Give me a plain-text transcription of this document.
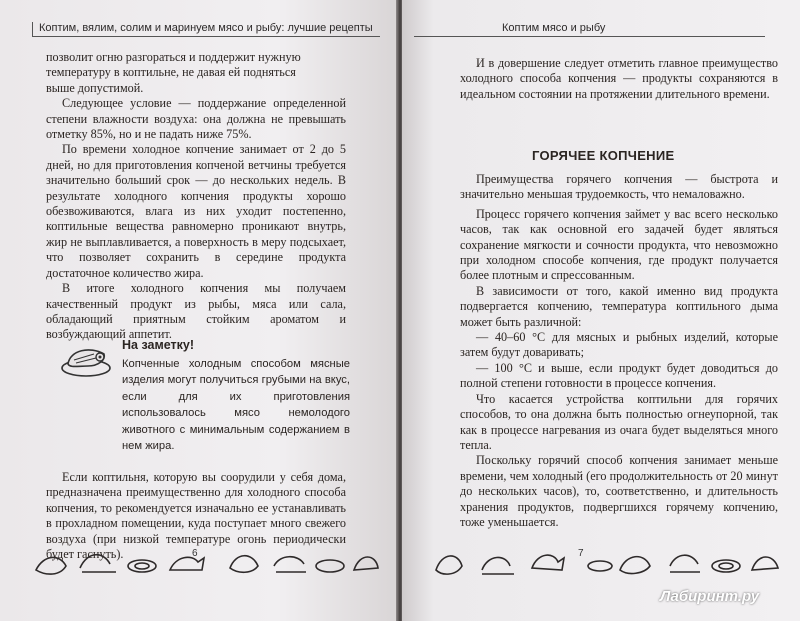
Коптим, вялим, солим и маринуем мясо и рыбу: лучшие рецепты

позволит огню разгораться и поддержит нужную

температуру в коптильне, не давая ей подняться

выше допустимой.

Следующее условие — поддержание определенной степени влажности воздуха: она должна не превышать отметку 85%, но и не падать ниже 75%.

По времени холодное копчение занимает от 2 до 5 дней, но для приготовления копченой ветчины требуется значительно больший срок — до нескольких недель. В результате холодного копчения продукты хорошо обезвоживаются, влага из них уходит постепенно, коптильные вещества равномерно проникают внутрь, жир не выплавливается, а поверхность в меру подсыхает, что позволяет сохранить в середине продукта достаточное количество жира.

В итоге холодного копчения мы получаем качественный продукт из рыбы, мяса или сала, обладающий приятным стойким ароматом и возбуждающий аппетит.

На заметку!
Копченные холодным способом мясные изделия могут получиться грубыми на вкус, если для их приготовления использовалось мясо немолодого животного с минимальным содержанием в нем жира.

Если коптильня, которую вы соорудили у себя дома, предназначена преимущественно для холодного способа копчения, то рекомендуется изначально ее устанавливать в прохладном помещении, куда поступает много свежего воздуха (при низкой температуре огонь периодически будет гаснуть).	6
Коптим мясо и рыбу

И в довершение следует отметить главное преимущество холодного способа копчения — продукты сохраняются в идеальном состоянии на протяжении длительного времени.

ГОРЯЧЕЕ КОПЧЕНИЕ

Преимущества горячего копчения — быстрота и значительно меньшая трудоемкость, что немаловажно.

Процесс горячего копчения займет у вас всего несколько часов, так как основной его задачей будет являться сохранение мягкости и сочности продукта, что невозможно при холодном способе копчения, где продукт получается более плотным и спрессованным.

В зависимости от того, какой именно вид продукта подвергается копчению, температура коптильного дыма может быть различной:

— 40–60 °С для мясных и рыбных изделий, которые затем будут доваривать;

— 100 °С и выше, если продукт будет доводиться до полной степени готовности в процессе копчения.

Что касается устройства коптильни для горячих способов, то она должна быть полностью огнеупорной, так как в процессе нагревания из очага будет выделяться много тепла.

Поскольку горячий способ копчения занимает меньше времени, чем холодный (его продолжительность от 20 минут до нескольких часов), то, соответственно, и длительность хранения продуктов, подвергшихся горячему копчению, тоже уменьшается.

7
Лабиринт.ру
